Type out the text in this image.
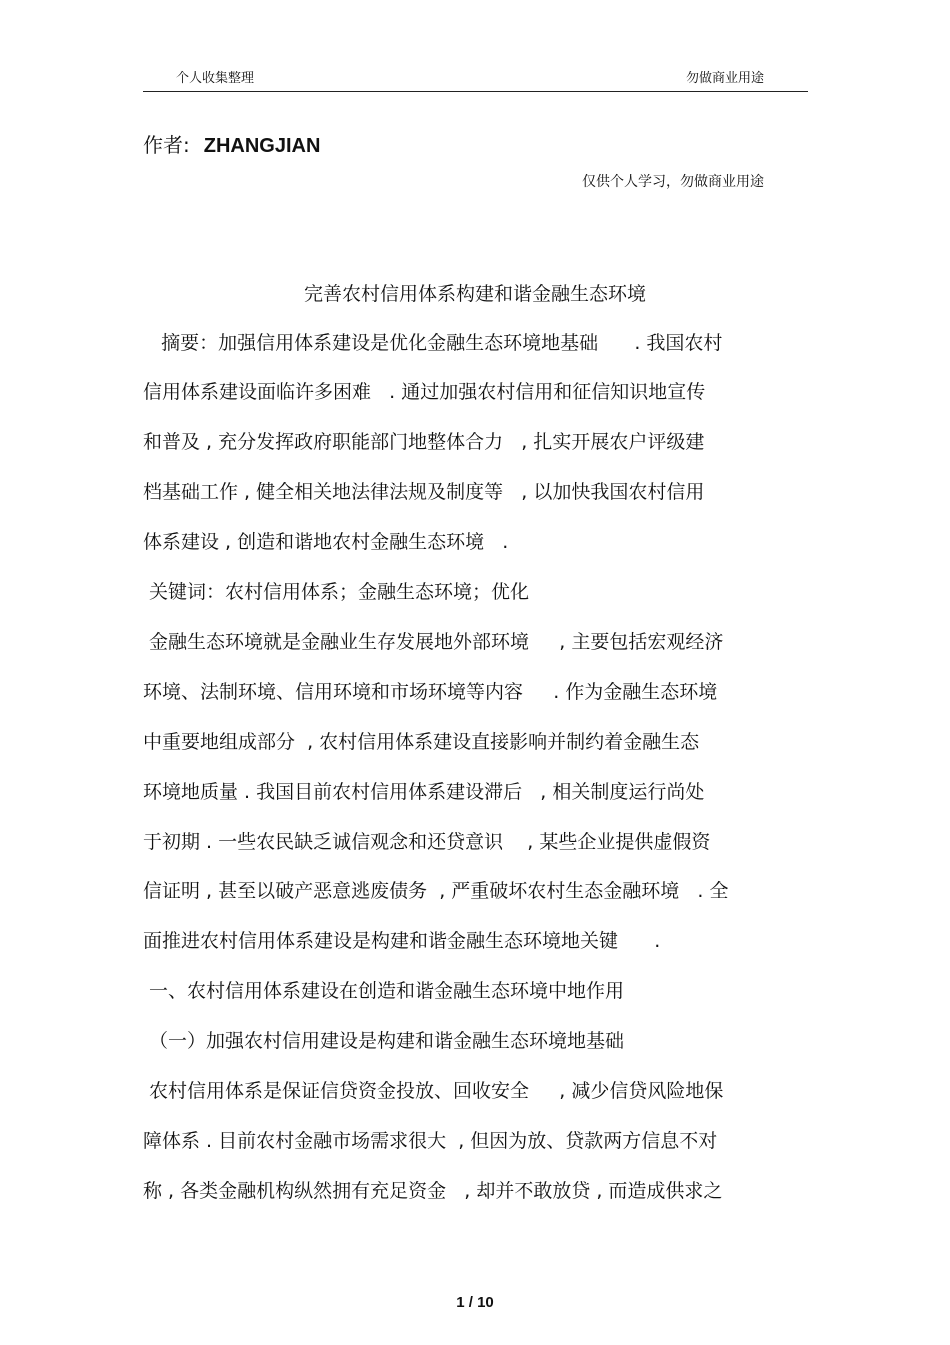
个人收集整理	勿做商业用途
作者: ZHANGJIAN
仅供个人学习，勿做商业用途
完善农村信用体系构建和谐金融生态环境
摘要：加强信用体系建设是优化金融生态环境地基础      . 我国农村
信用体系建设面临许多困难   . 通过加强农村信用和征信知识地宣传
和普及 , 充分发挥政府职能部门地整体合力   , 扎实开展农户评级建
档基础工作 , 健全相关地法律法规及制度等   , 以加快我国农村信用
体系建设 , 创造和谐地农村金融生态环境   .
关键词：农村信用体系；金融生态环境；优化
金融生态环境就是金融业生存发展地外部环境     , 主要包括宏观经济
环境、法制环境、信用环境和市场环境等内容     . 作为金融生态环境
中重要地组成部分  , 农村信用体系建设直接影响并制约着金融生态
环境地质量 . 我国目前农村信用体系建设滞后   , 相关制度运行尚处
于初期 . 一些农民缺乏诚信观念和还贷意识    , 某些企业提供虚假资
信证明 , 甚至以破产恶意逃废债务  , 严重破坏农村生态金融环境   . 全
面推进农村信用体系建设是构建和谐金融生态环境地关键      .
一、农村信用体系建设在创造和谐金融生态环境中地作用
（一）加强农村信用建设是构建和谐金融生态环境地基础
农村信用体系是保证信贷资金投放、回收安全     , 减少信贷风险地保
障体系 . 目前农村金融市场需求很大  , 但因为放、贷款两方信息不对
称 , 各类金融机构纵然拥有充足资金   , 却并不敢放贷 , 而造成供求之
1 / 10
